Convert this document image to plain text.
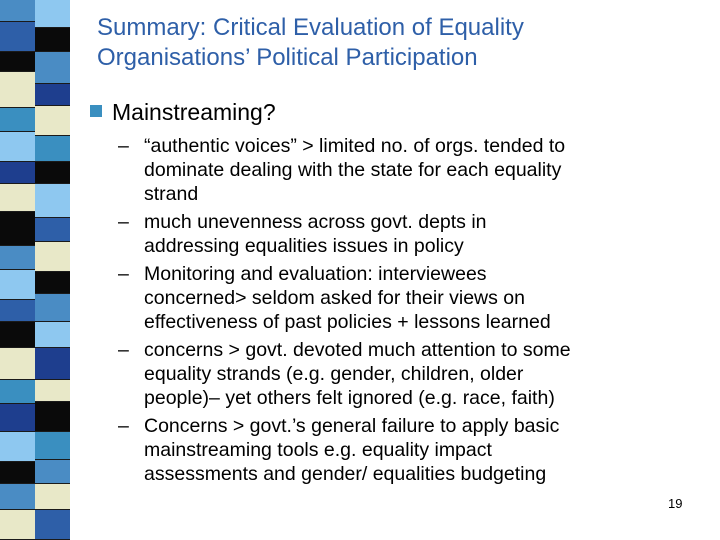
Summary: Critical Evaluation of Equality
Organisations’ Political Participation
Mainstreaming?
– “authentic voices” > limited no. of orgs. tended to
dominate dealing with the state for each equality
strand
– much unevenness across govt. depts in
addressing equalities issues in policy
– Monitoring and evaluation: interviewees
concerned> seldom asked for their views on
effectiveness of past policies + lessons learned
– concerns > govt. devoted much attention to some
equality strands (e.g. gender, children, older
people)– yet others felt ignored (e.g. race, faith)
– Concerns > govt.’s general failure to apply basic
mainstreaming tools e.g. equality impact
assessments and gender/ equalities budgeting
19
